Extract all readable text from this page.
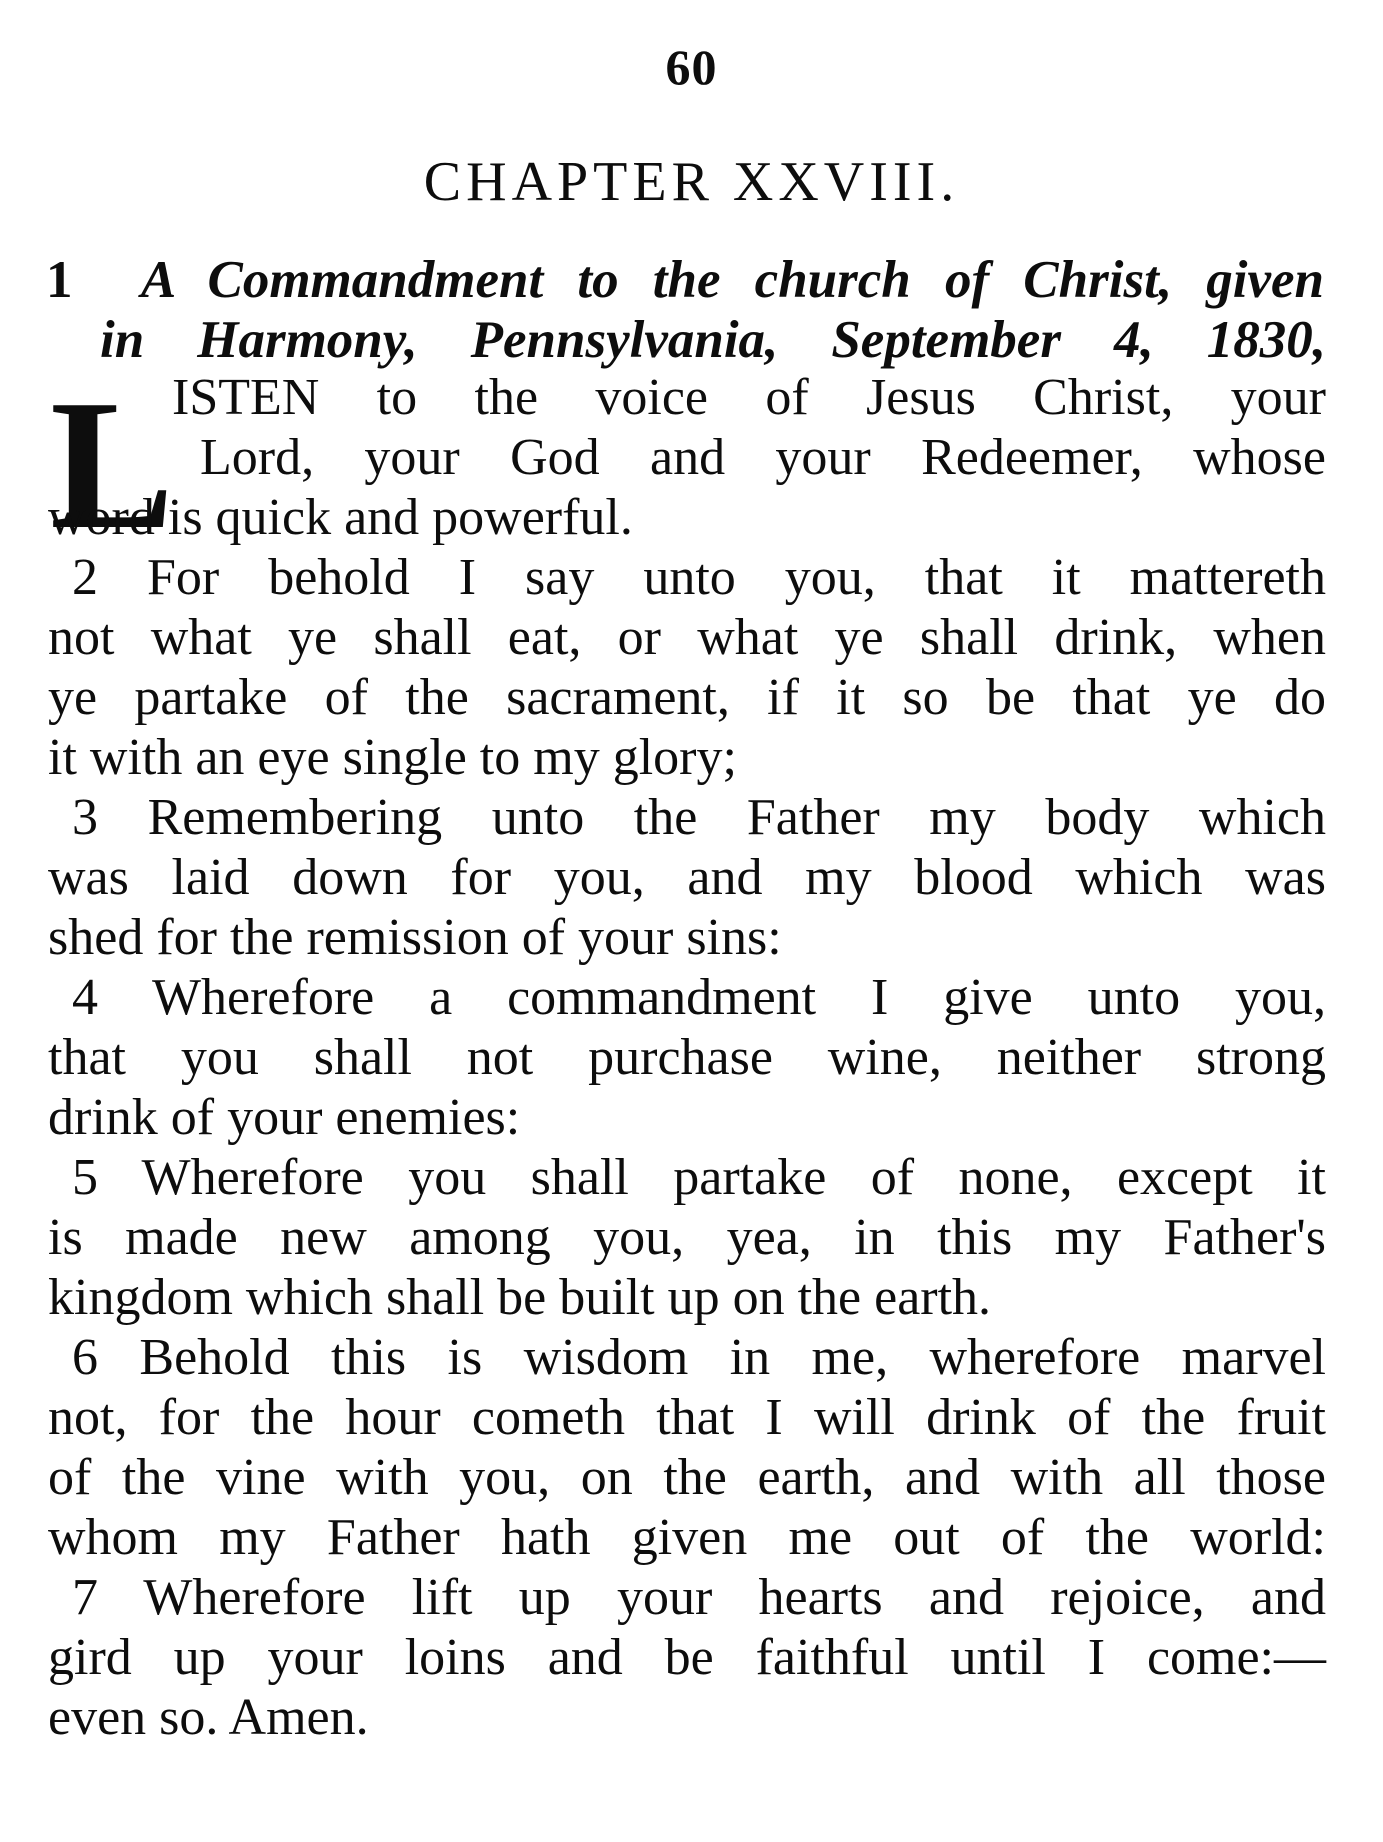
60
CHAPTER XXVIII.
1 A Commandment to the church of Christ, given
in Harmony, Pennsylvania, September 4, 1830,
L
ISTEN to the voice of Jesus Christ, your
Lord, your God and your Redeemer, whose
word is quick and powerful.
2 For behold I say unto you, that it mattereth
not what ye shall eat, or what ye shall drink, when
ye partake of the sacrament, if it so be that ye do
it with an eye single to my glory;
3 Remembering unto the Father my body which
was laid down for you, and my blood which was
shed for the remission of your sins:
4 Wherefore a commandment I give unto you,
that you shall not purchase wine, neither strong
drink of your enemies:
5 Wherefore you shall partake of none, except it
is made new among you, yea, in this my Father's
kingdom which shall be built up on the earth.
6 Behold this is wisdom in me, wherefore marvel
not, for the hour cometh that I will drink of the fruit
of the vine with you, on the earth, and with all those
whom my Father hath given me out of the world:
7 Wherefore lift up your hearts and rejoice, and
gird up your loins and be faithful until I come:—
even so. Amen.
